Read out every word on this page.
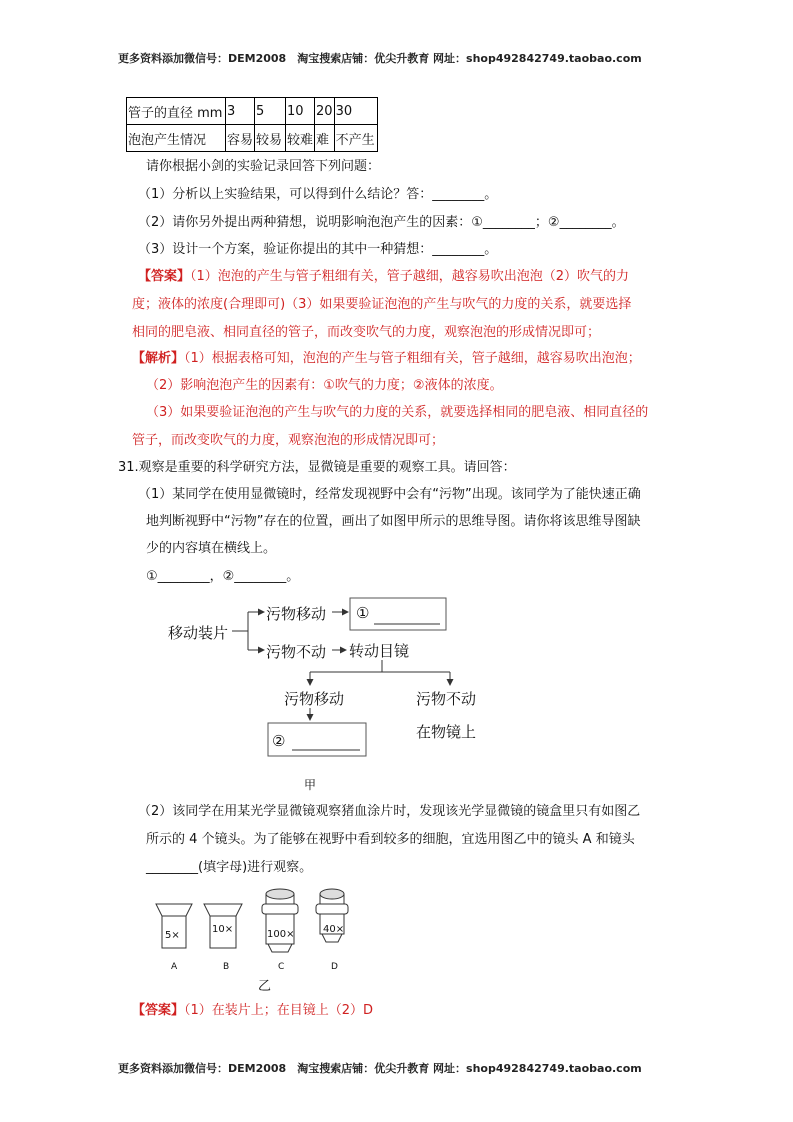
更多资料添加微信号：DEM2008　淘宝搜索店铺：优尖升教育 网址：shop492842749.taobao.com
管子的直径 mm	3	5	10	20	30
泡泡产生情况	容易	较易	较难	难	不产生
请你根据小剑的实验记录回答下列问题：
（1）分析以上实验结果，可以得到什么结论？答：________。
（2）请你另外提出两种猜想，说明影响泡泡产生的因素：①________；②________。
（3）设计一个方案，验证你提出的其中一种猜想：________。
【答案】（1）泡泡的产生与管子粗细有关，管子越细，越容易吹出泡泡（2）吹气的力
度；液体的浓度(合理即可)（3）如果要验证泡泡的产生与吹气的力度的关系，就要选择
相同的肥皂液、相同直径的管子，而改变吹气的力度，观察泡泡的形成情况即可；
【解析】（1）根据表格可知，泡泡的产生与管子粗细有关，管子越细，越容易吹出泡泡；
（2）影响泡泡产生的因素有：①吹气的力度；②液体的浓度。
（3）如果要验证泡泡的产生与吹气的力度的关系，就要选择相同的肥皂液、相同直径的
管子，而改变吹气的力度，观察泡泡的形成情况即可；
31.观察是重要的科学研究方法，显微镜是重要的观察工具。请回答：
（1）某同学在使用显微镜时，经常发现视野中会有“污物”出现。该同学为了能快速正确
地判断视野中“污物”存在的位置，画出了如图甲所示的思维导图。请你将该思维导图缺
少的内容填在横线上。
①________，②________。
移动装片
污物移动
污物不动
①
转动目镜
污物移动	污物不动
在物镜上
②
甲
（2）该同学在用某光学显微镜观察猪血涂片时，发现该光学显微镜的镜盒里只有如图乙
所示的 4 个镜头。为了能够在视野中看到较多的细胞，宜选用图乙中的镜头 A 和镜头
________(填字母)进行观察。
5×
10×	100×	40×
A	B	C	D
乙
【答案】（1）在装片上；在目镜上（2）D
更多资料添加微信号：DEM2008　淘宝搜索店铺：优尖升教育 网址：shop492842749.taobao.com
